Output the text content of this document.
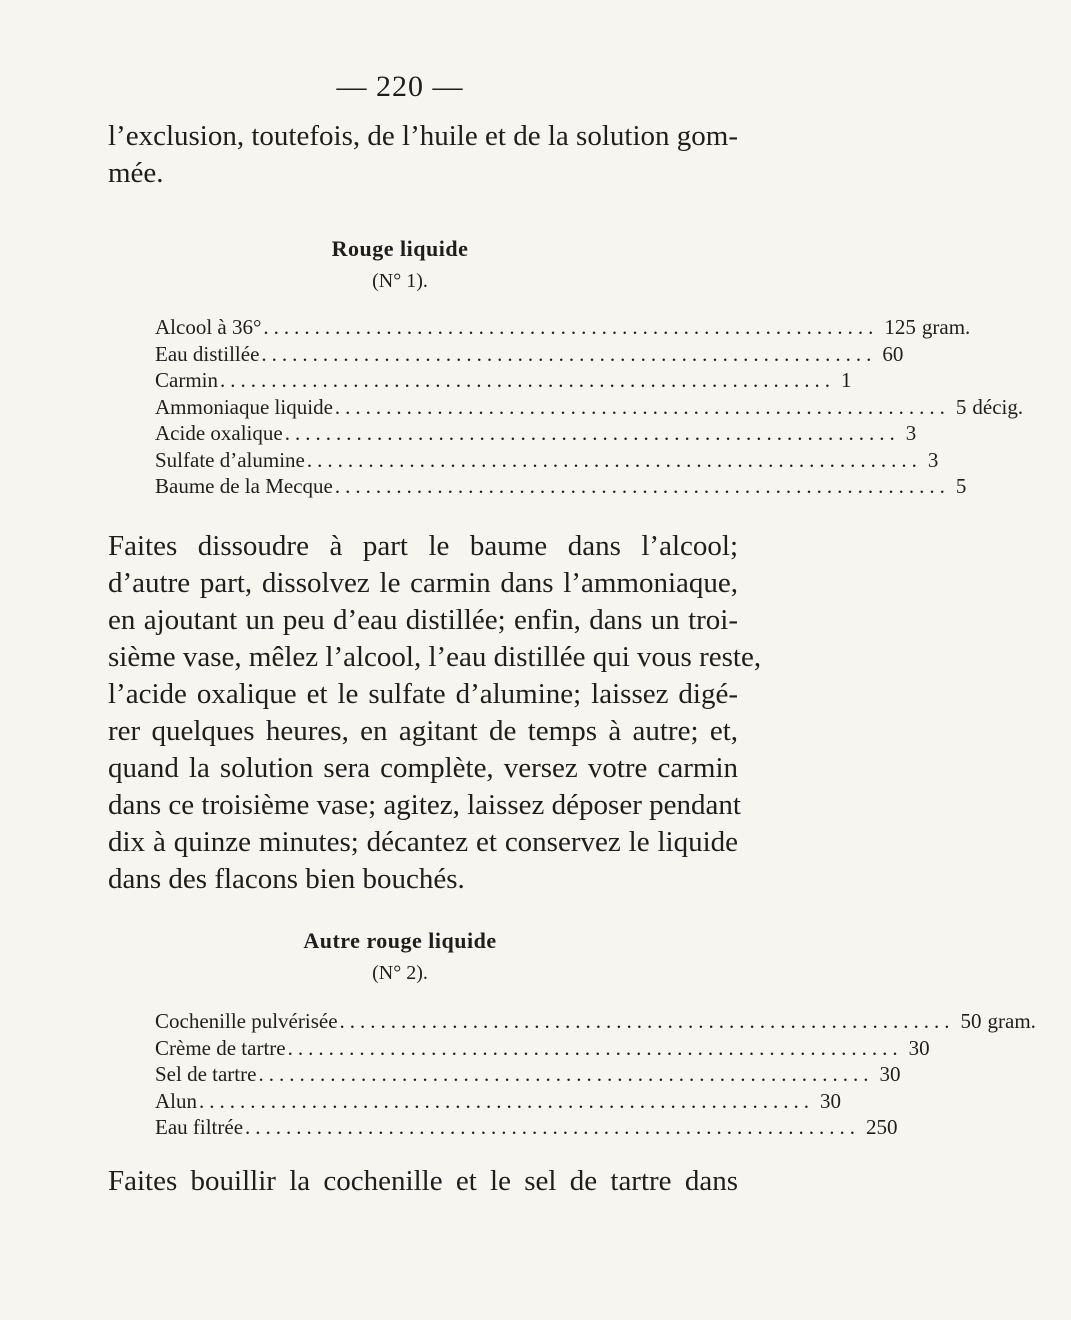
— 220 —
l’exclusion, toutefois, de l’huile et de la solution gom-
mée.
Rouge liquide
(N° 1).
Alcool à 36° ............................................................ 125 gram.
Eau distillée ............................................................ 60
Carmin ............................................................ 1
Ammoniaque liquide ............................................................ 5 décig.
Acide oxalique ............................................................ 3
Sulfate d’alumine ............................................................ 3
Baume de la Mecque ............................................................ 5
Faites dissoudre à part le baume dans l’alcool;
d’autre part, dissolvez le carmin dans l’ammoniaque,
en ajoutant un peu d’eau distillée; enfin, dans un troi-
sième vase, mêlez l’alcool, l’eau distillée qui vous reste,
l’acide oxalique et le sulfate d’alumine; laissez digé-
rer quelques heures, en agitant de temps à autre; et,
quand la solution sera complète, versez votre carmin
dans ce troisième vase; agitez, laissez déposer pendant
dix à quinze minutes; décantez et conservez le liquide
dans des flacons bien bouchés.
Autre rouge liquide
(N° 2).
Cochenille pulvérisée ............................................................ 50 gram.
Crème de tartre ............................................................ 30
Sel de tartre ............................................................ 30
Alun ............................................................ 30
Eau filtrée ............................................................ 250
Faites bouillir la cochenille et le sel de tartre dans
